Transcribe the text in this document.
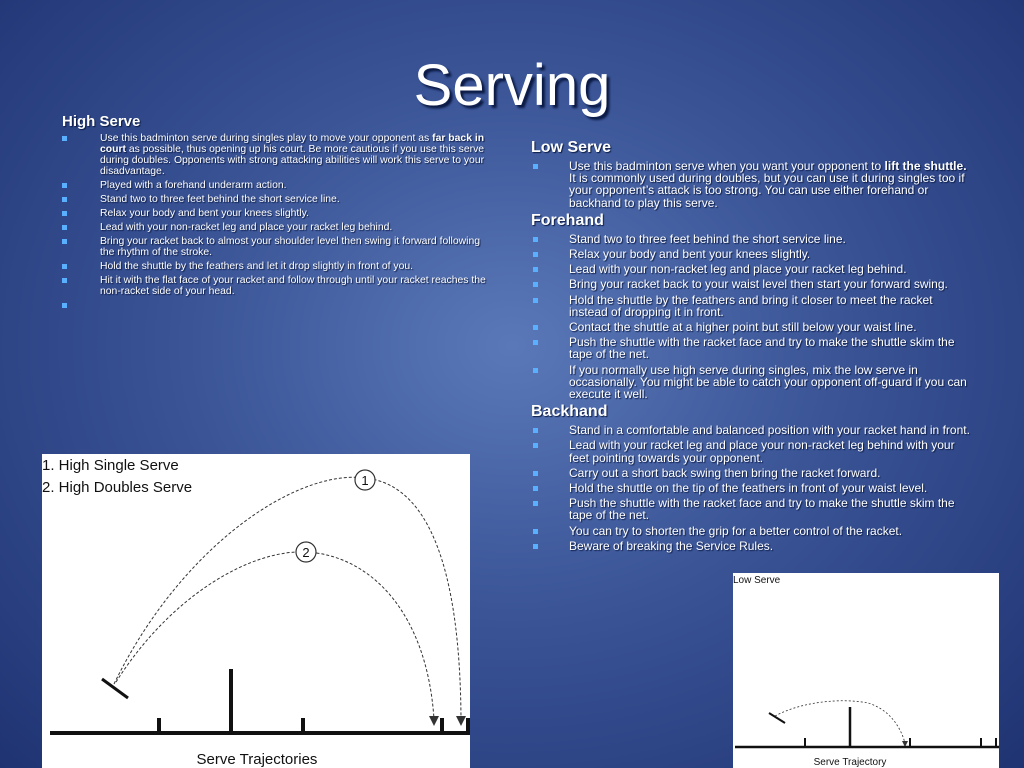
Serving
High Serve
Use this badminton serve during singles play to move your opponent as far back in court as possible, thus opening up his court. Be more cautious if you use this serve during doubles. Opponents with strong attacking abilities will work this serve to your disadvantage.
Played with a forehand underarm action.
Stand two to three feet behind the short service line.
Relax your body and bent your knees slightly.
Lead with your non-racket leg and place your racket leg behind.
Bring your racket back to almost your shoulder level then swing it forward following the rhythm of the stroke.
Hold the shuttle by the feathers and let it drop slightly in front of you.
Hit it with the flat face of your racket and follow through until your racket reaches the non-racket side of your head.
Low Serve
Use this badminton serve when you want your opponent to lift the shuttle. It is commonly used during doubles, but you can use it during singles too if your opponent’s attack is too strong. You can use either forehand or backhand to play this serve.
Forehand
Stand two to three feet behind the short service line.
Relax your body and bent your knees slightly.
Lead with your non-racket leg and place your racket leg behind.
Bring your racket back to your waist level then start your forward swing.
Hold the shuttle by the feathers and bring it closer to meet the racket instead of dropping it in front.
Contact the shuttle at a higher point but still below your waist line.
Push the shuttle with the racket face and try to make the shuttle skim the tape of the net.
If you normally use high serve during singles, mix the low serve in occasionally. You might be able to catch your opponent off-guard if you can execute it well.
Backhand
Stand in a comfortable and balanced position with your racket hand in front.
Lead with your racket leg and place your non-racket leg behind with your feet pointing towards your opponent.
Carry out a short back swing then bring the racket forward.
Hold the shuttle on the tip of the feathers in front of your waist level.
Push the shuttle with the racket face and try to make the shuttle skim the tape of the net.
You can try to shorten the grip for a better control of the racket.
Beware of breaking the Service Rules.
1. High Single Serve
2. High Doubles Serve	1
2
Serve Trajectories
Low Serve
Serve Trajectory
